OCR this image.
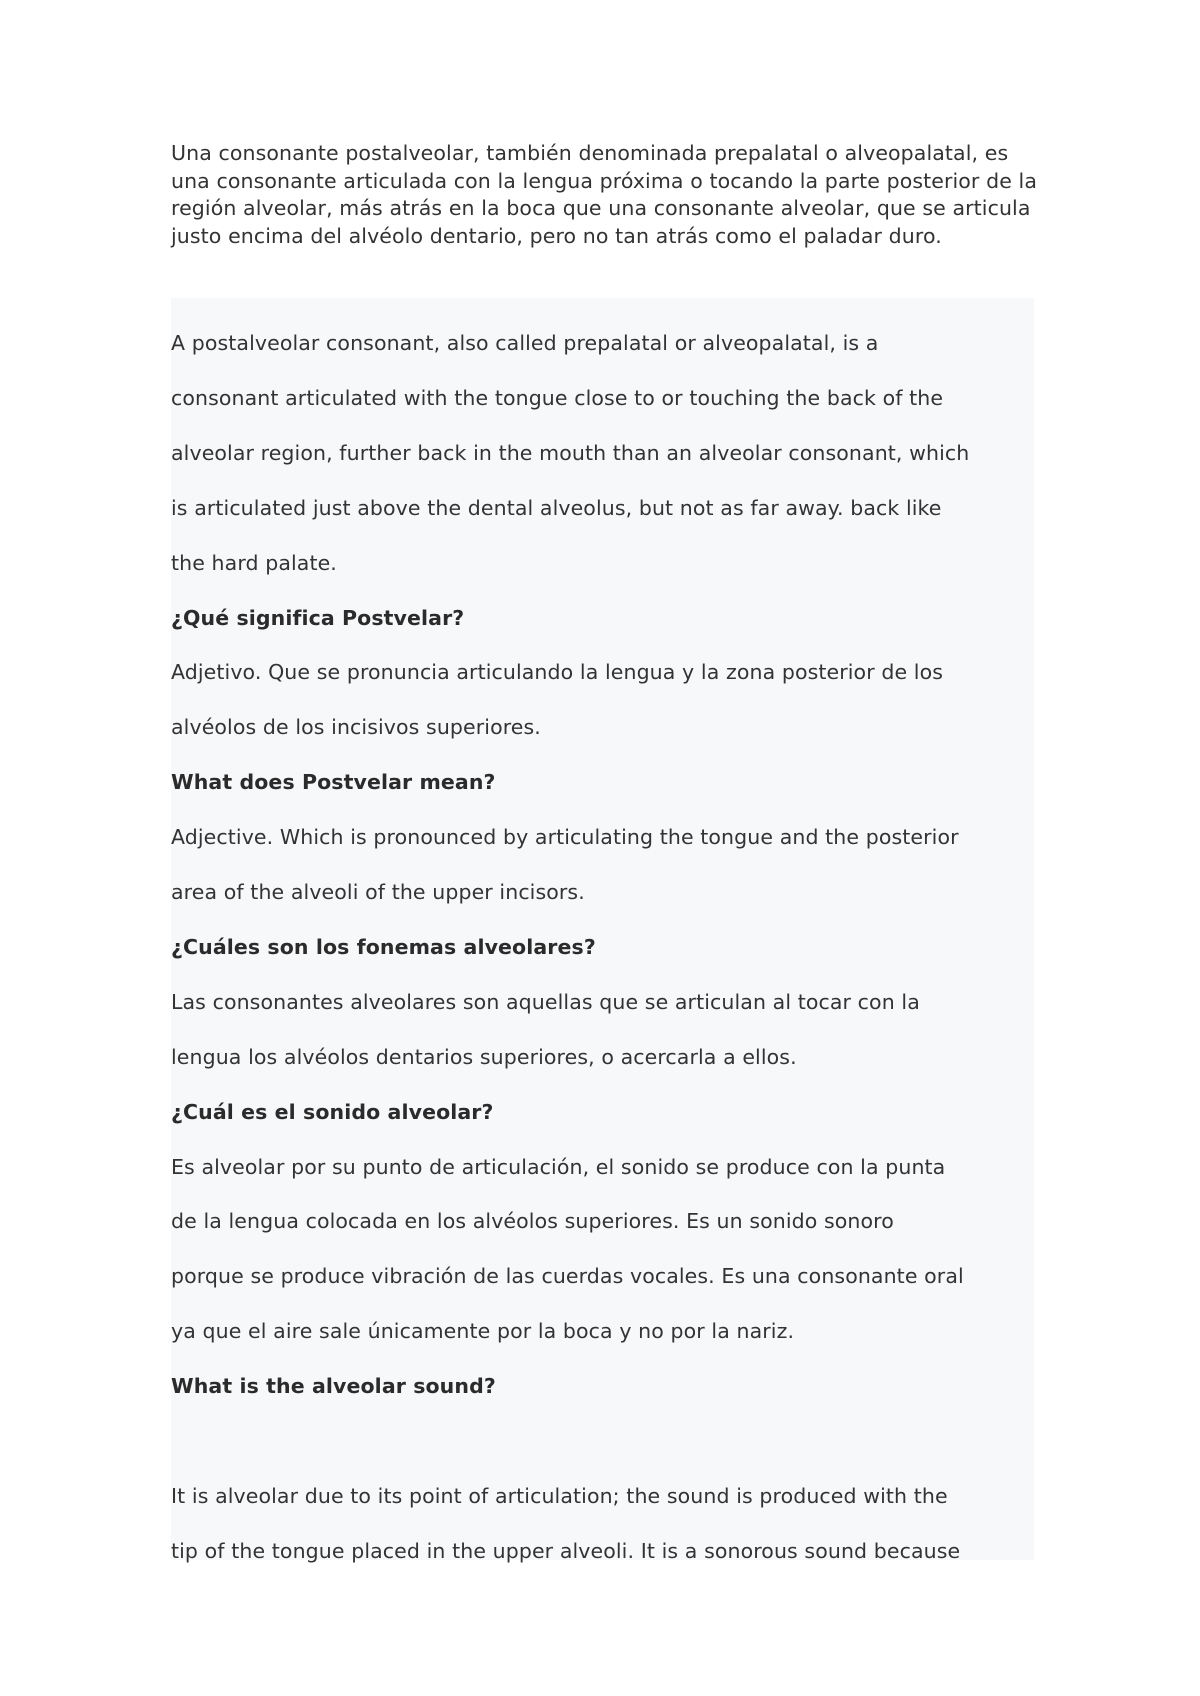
Una consonante postalveolar, también denominada prepalatal o alveopalatal, es una consonante articulada con la lengua próxima o tocando la parte posterior de la región alveolar, más atrás en la boca que una consonante alveolar, que se articula justo encima del alvéolo dentario, pero no tan atrás como el paladar duro.

A postalveolar consonant, also called prepalatal or alveopalatal, is a

consonant articulated with the tongue close to or touching the back of the

alveolar region, further back in the mouth than an alveolar consonant, which

is articulated just above the dental alveolus, but not as far away. back like

the hard palate.

¿Qué significa Postvelar?

Adjetivo. Que se pronuncia articulando la lengua y la zona posterior de los

alvéolos de los incisivos superiores.

What does Postvelar mean?

Adjective. Which is pronounced by articulating the tongue and the posterior

area of the alveoli of the upper incisors.

¿Cuáles son los fonemas alveolares?

Las consonantes alveolares son aquellas que se articulan al tocar con la

lengua los alvéolos dentarios superiores, o acercarla a ellos.

¿Cuál es el sonido alveolar?

Es alveolar por su punto de articulación, el sonido se produce con la punta

de la lengua colocada en los alvéolos superiores. Es un sonido sonoro

porque se produce vibración de las cuerdas vocales. Es una consonante oral

ya que el aire sale únicamente por la boca y no por la nariz.

What is the alveolar sound?

It is alveolar due to its point of articulation; the sound is produced with the

tip of the tongue placed in the upper alveoli. It is a sonorous sound because
